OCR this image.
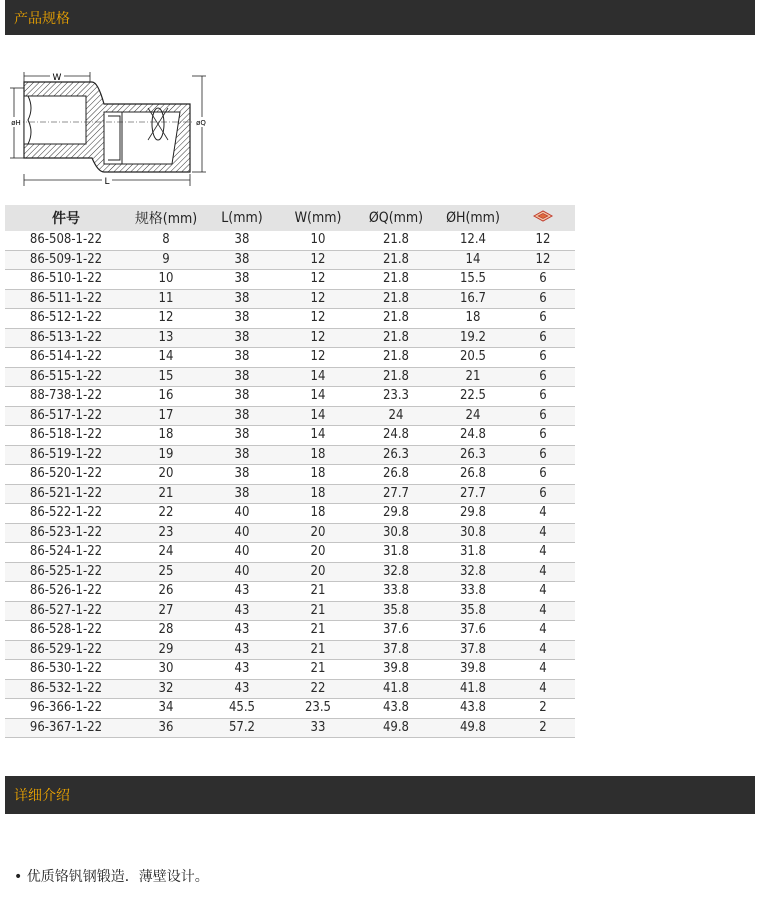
产品规格
W
L
øH	øQ
件号	规格(mm)	L(mm)	W(mm)	ØQ(mm)	ØH(mm)	
86-508-1-22	8	38	10	21.8	12.4	12
86-509-1-22	9	38	12	21.8	14	12
86-510-1-22	10	38	12	21.8	15.5	6
86-511-1-22	11	38	12	21.8	16.7	6
86-512-1-22	12	38	12	21.8	18	6
86-513-1-22	13	38	12	21.8	19.2	6
86-514-1-22	14	38	12	21.8	20.5	6
86-515-1-22	15	38	14	21.8	21	6
88-738-1-22	16	38	14	23.3	22.5	6
86-517-1-22	17	38	14	24	24	6
86-518-1-22	18	38	14	24.8	24.8	6
86-519-1-22	19	38	18	26.3	26.3	6
86-520-1-22	20	38	18	26.8	26.8	6
86-521-1-22	21	38	18	27.7	27.7	6
86-522-1-22	22	40	18	29.8	29.8	4
86-523-1-22	23	40	20	30.8	30.8	4
86-524-1-22	24	40	20	31.8	31.8	4
86-525-1-22	25	40	20	32.8	32.8	4
86-526-1-22	26	43	21	33.8	33.8	4
86-527-1-22	27	43	21	35.8	35.8	4
86-528-1-22	28	43	21	37.6	37.6	4
86-529-1-22	29	43	21	37.8	37.8	4
86-530-1-22	30	43	21	39.8	39.8	4
86-532-1-22	32	43	22	41.8	41.8	4
96-366-1-22	34	45.5	23.5	43.8	43.8	2
96-367-1-22	36	57.2	33	49.8	49.8	2
详细介绍
• 优质铬钒钢锻造．薄壁设计。
